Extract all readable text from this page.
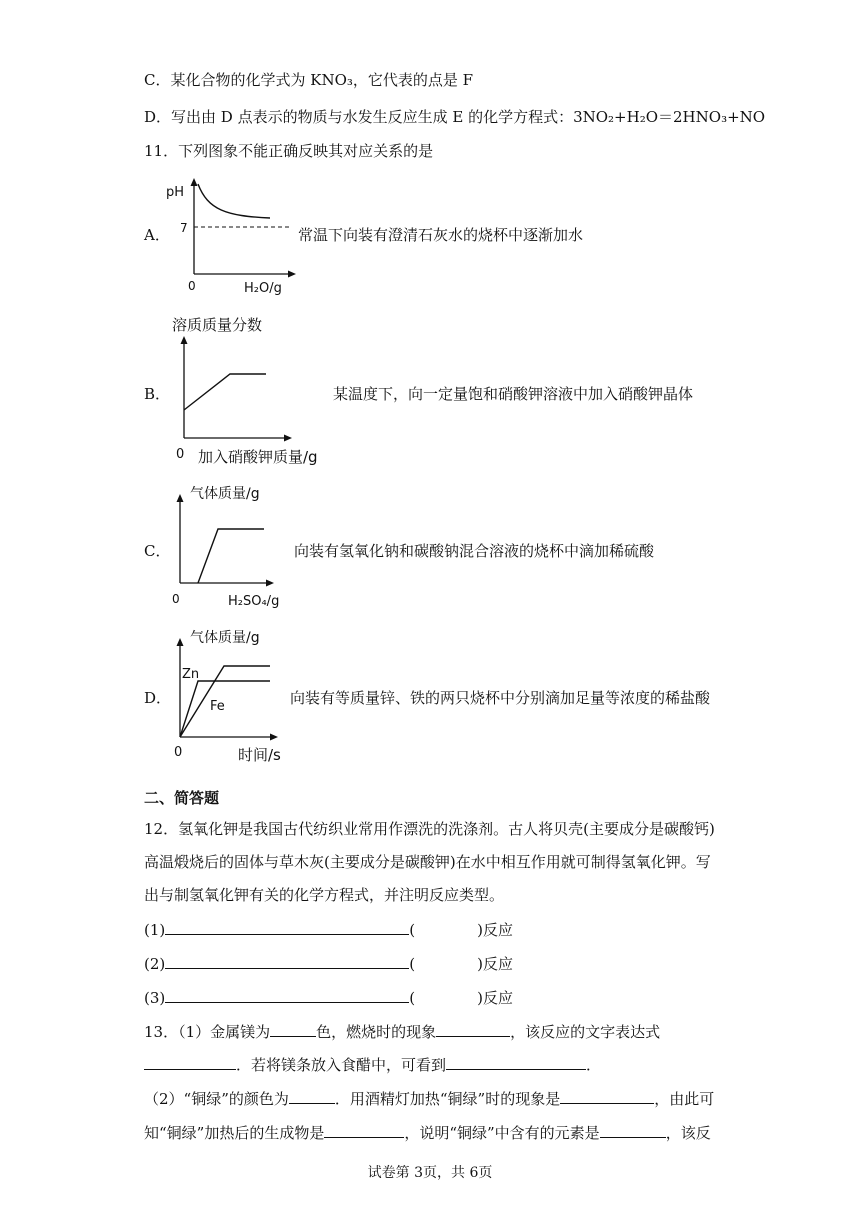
C．某化合物的化学式为 KNO₃，它代表的点是 F
D．写出由 D 点表示的物质与水发生反应生成 E 的化学方程式：3NO₂+H₂O＝2HNO₃+NO
11．下列图象不能正确反映其对应关系的是
A．
pH
7
0	H₂O/g
常温下向装有澄清石灰水的烧杯中逐渐加水
B．
溶质质量分数
0 加入硝酸钾质量/g
某温度下，向一定量饱和硝酸钾溶液中加入硝酸钾晶体
C．
气体质量/g
0	H₂SO₄/g
向装有氢氧化钠和碳酸钠混合溶液的烧杯中滴加稀硫酸
D．
气体质量/g
Zn
Fe
0	时间/s
向装有等质量锌、铁的两只烧杯中分别滴加足量等浓度的稀盐酸
二、简答题
12．氢氧化钾是我国古代纺织业常用作漂洗的洗涤剂。古人将贝壳(主要成分是碳酸钙)
高温煅烧后的固体与草木灰(主要成分是碳酸钾)在水中相互作用就可制得氢氧化钾。写
出与制氢氧化钾有关的化学方程式，并注明反应类型。
(1)	(	)反应
(2)	(	)反应
(3)	(	)反应
13．（1）金属镁为	色，燃烧时的现象	，该反应的文字表达式
．若将镁条放入食醋中，可看到	．
（2）“铜绿”的颜色为	．用酒精灯加热“铜绿”时的现象是	，由此可
知“铜绿”加热后的生成物是	，说明“铜绿”中含有的元素是	，该反
试卷第 3页，共 6页
